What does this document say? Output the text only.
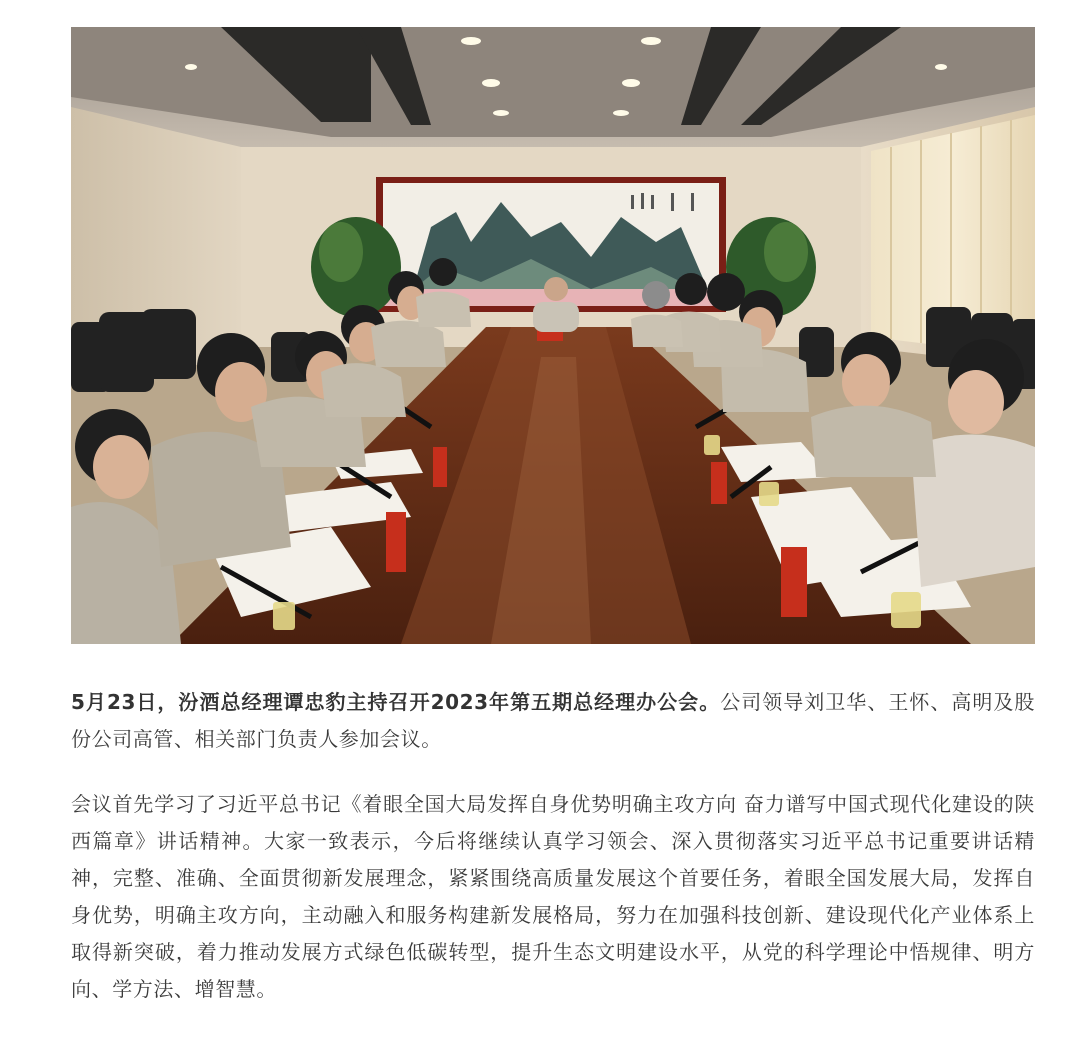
5月23日，汾酒总经理谭忠豹主持召开2023年第五期总经理办公会。公司领导刘卫华、王怀、高明及股份公司高管、相关部门负责人参加会议。

会议首先学习了习近平总书记《着眼全国大局发挥自身优势明确主攻方向 奋力谱写中国式现代化建设的陕西篇章》讲话精神。大家一致表示，今后将继续认真学习领会、深入贯彻落实习近平总书记重要讲话精神，完整、准确、全面贯彻新发展理念，紧紧围绕高质量发展这个首要任务，着眼全国发展大局，发挥自身优势，明确主攻方向，主动融入和服务构建新发展格局，努力在加强科技创新、建设现代化产业体系上取得新突破，着力推动发展方式绿色低碳转型，提升生态文明建设水平，从党的科学理论中悟规律、明方向、学方法、增智慧。
